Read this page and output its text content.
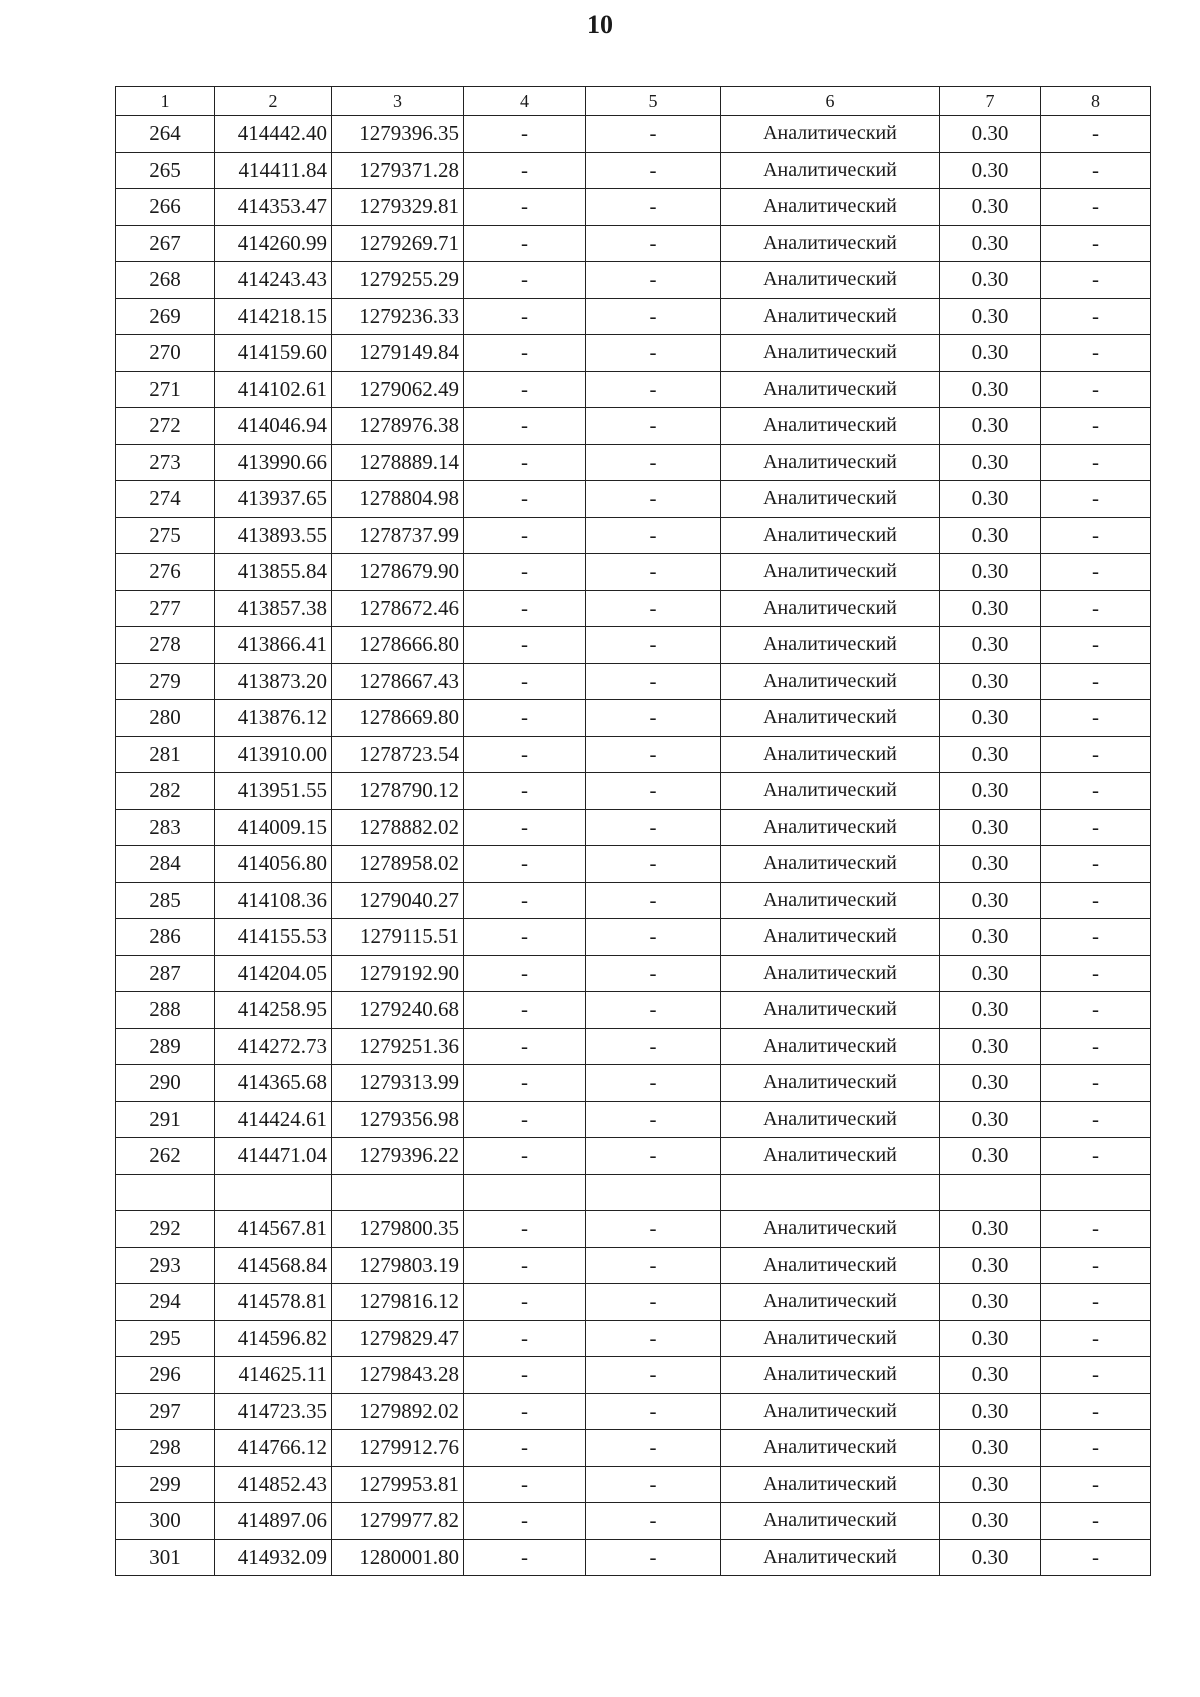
10
1	2	3	4	5	6	7	8
264	414442.40	1279396.35	-	-	Аналитический	0.30	-
265	414411.84	1279371.28	-	-	Аналитический	0.30	-
266	414353.47	1279329.81	-	-	Аналитический	0.30	-
267	414260.99	1279269.71	-	-	Аналитический	0.30	-
268	414243.43	1279255.29	-	-	Аналитический	0.30	-
269	414218.15	1279236.33	-	-	Аналитический	0.30	-
270	414159.60	1279149.84	-	-	Аналитический	0.30	-
271	414102.61	1279062.49	-	-	Аналитический	0.30	-
272	414046.94	1278976.38	-	-	Аналитический	0.30	-
273	413990.66	1278889.14	-	-	Аналитический	0.30	-
274	413937.65	1278804.98	-	-	Аналитический	0.30	-
275	413893.55	1278737.99	-	-	Аналитический	0.30	-
276	413855.84	1278679.90	-	-	Аналитический	0.30	-
277	413857.38	1278672.46	-	-	Аналитический	0.30	-
278	413866.41	1278666.80	-	-	Аналитический	0.30	-
279	413873.20	1278667.43	-	-	Аналитический	0.30	-
280	413876.12	1278669.80	-	-	Аналитический	0.30	-
281	413910.00	1278723.54	-	-	Аналитический	0.30	-
282	413951.55	1278790.12	-	-	Аналитический	0.30	-
283	414009.15	1278882.02	-	-	Аналитический	0.30	-
284	414056.80	1278958.02	-	-	Аналитический	0.30	-
285	414108.36	1279040.27	-	-	Аналитический	0.30	-
286	414155.53	1279115.51	-	-	Аналитический	0.30	-
287	414204.05	1279192.90	-	-	Аналитический	0.30	-
288	414258.95	1279240.68	-	-	Аналитический	0.30	-
289	414272.73	1279251.36	-	-	Аналитический	0.30	-
290	414365.68	1279313.99	-	-	Аналитический	0.30	-
291	414424.61	1279356.98	-	-	Аналитический	0.30	-
262	414471.04	1279396.22	-	-	Аналитический	0.30	-

292	414567.81	1279800.35	-	-	Аналитический	0.30	-
293	414568.84	1279803.19	-	-	Аналитический	0.30	-
294	414578.81	1279816.12	-	-	Аналитический	0.30	-
295	414596.82	1279829.47	-	-	Аналитический	0.30	-
296	414625.11	1279843.28	-	-	Аналитический	0.30	-
297	414723.35	1279892.02	-	-	Аналитический	0.30	-
298	414766.12	1279912.76	-	-	Аналитический	0.30	-
299	414852.43	1279953.81	-	-	Аналитический	0.30	-
300	414897.06	1279977.82	-	-	Аналитический	0.30	-
301	414932.09	1280001.80	-	-	Аналитический	0.30	-
